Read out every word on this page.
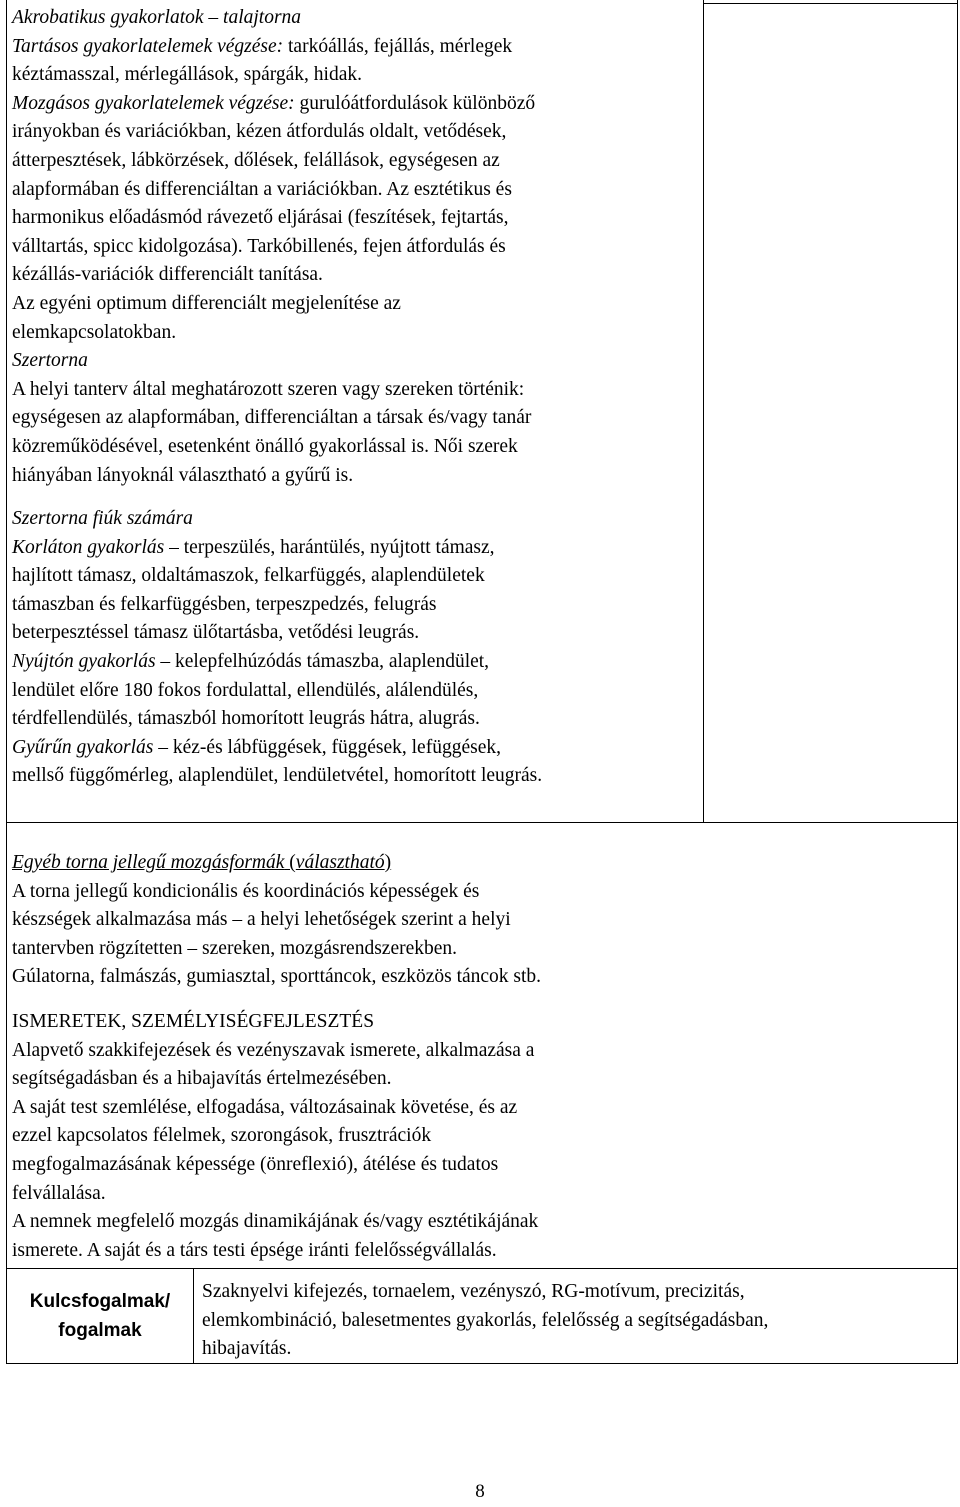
Akrobatikus gyakorlatok – talajtorna
Tartásos gyakorlatelemek végzése: tarkóállás, fejállás, mérlegek
kéztámasszal, mérlegállások, spárgák, hidak.
Mozgásos gyakorlatelemek végzése: gurulóátfordulások különböző
irányokban és variációkban, kézen átfordulás oldalt, vetődések,
átterpesztések, lábkörzések, dőlések, felállások, egységesen az
alapformában és differenciáltan a variációkban. Az esztétikus és
harmonikus előadásmód rávezető eljárásai (feszítések, fejtartás,
válltartás, spicc kidolgozása). Tarkóbillenés, fejen átfordulás és
kézállás-variációk differenciált tanítása.
Az egyéni optimum differenciált megjelenítése az
elemkapcsolatokban.
Szertorna
A helyi tanterv által meghatározott szeren vagy szereken történik:
egységesen az alapformában, differenciáltan a társak és/vagy tanár
közreműködésével, esetenként önálló gyakorlással is. Női szerek
hiányában lányoknál választható a gyűrű is.
Szertorna fiúk számára
Korláton gyakorlás – terpeszülés, harántülés, nyújtott támasz,
hajlított támasz, oldaltámaszok, felkarfüggés, alaplendületek
támaszban és felkarfüggésben, terpeszpedzés, felugrás
beterpesztéssel támasz ülőtartásba, vetődési leugrás.
Nyújtón gyakorlás – kelepfelhúzódás támaszba, alaplendület,
lendület előre 180 fokos fordulattal, ellendülés, alálendülés,
térdfellendülés, támaszból homorított leugrás hátra, alugrás.
Gyűrűn gyakorlás – kéz-és lábfüggések, függések, lefüggések,
mellső függőmérleg, alaplendület, lendületvétel, homorított leugrás.
Egyéb torna jellegű mozgásformák (választható)
A torna jellegű kondicionális és koordinációs képességek és
készségek alkalmazása más – a helyi lehetőségek szerint a helyi
tantervben rögzítetten – szereken, mozgásrendszerekben.
Gúlatorna, falmászás, gumiasztal, sporttáncok, eszközös táncok stb.
ISMERETEK, SZEMÉLYISÉGFEJLESZTÉS
Alapvető szakkifejezések és vezényszavak ismerete, alkalmazása a
segítségadásban és a hibajavítás értelmezésében.
A saját test szemlélése, elfogadása, változásainak követése, és az
ezzel kapcsolatos félelmek, szorongások, frusztrációk
megfogalmazásának képessége (önreflexió), átélése és tudatos
felvállalása.
A nemnek megfelelő mozgás dinamikájának és/vagy esztétikájának
ismerete. A saját és a társ testi épsége iránti felelősségvállalás.
Kulcsfogalmak/
fogalmak
Szaknyelvi kifejezés, tornaelem, vezényszó, RG-motívum, precizitás,
elemkombináció, balesetmentes gyakorlás, felelősség a segítségadásban,
hibajavítás.
8
